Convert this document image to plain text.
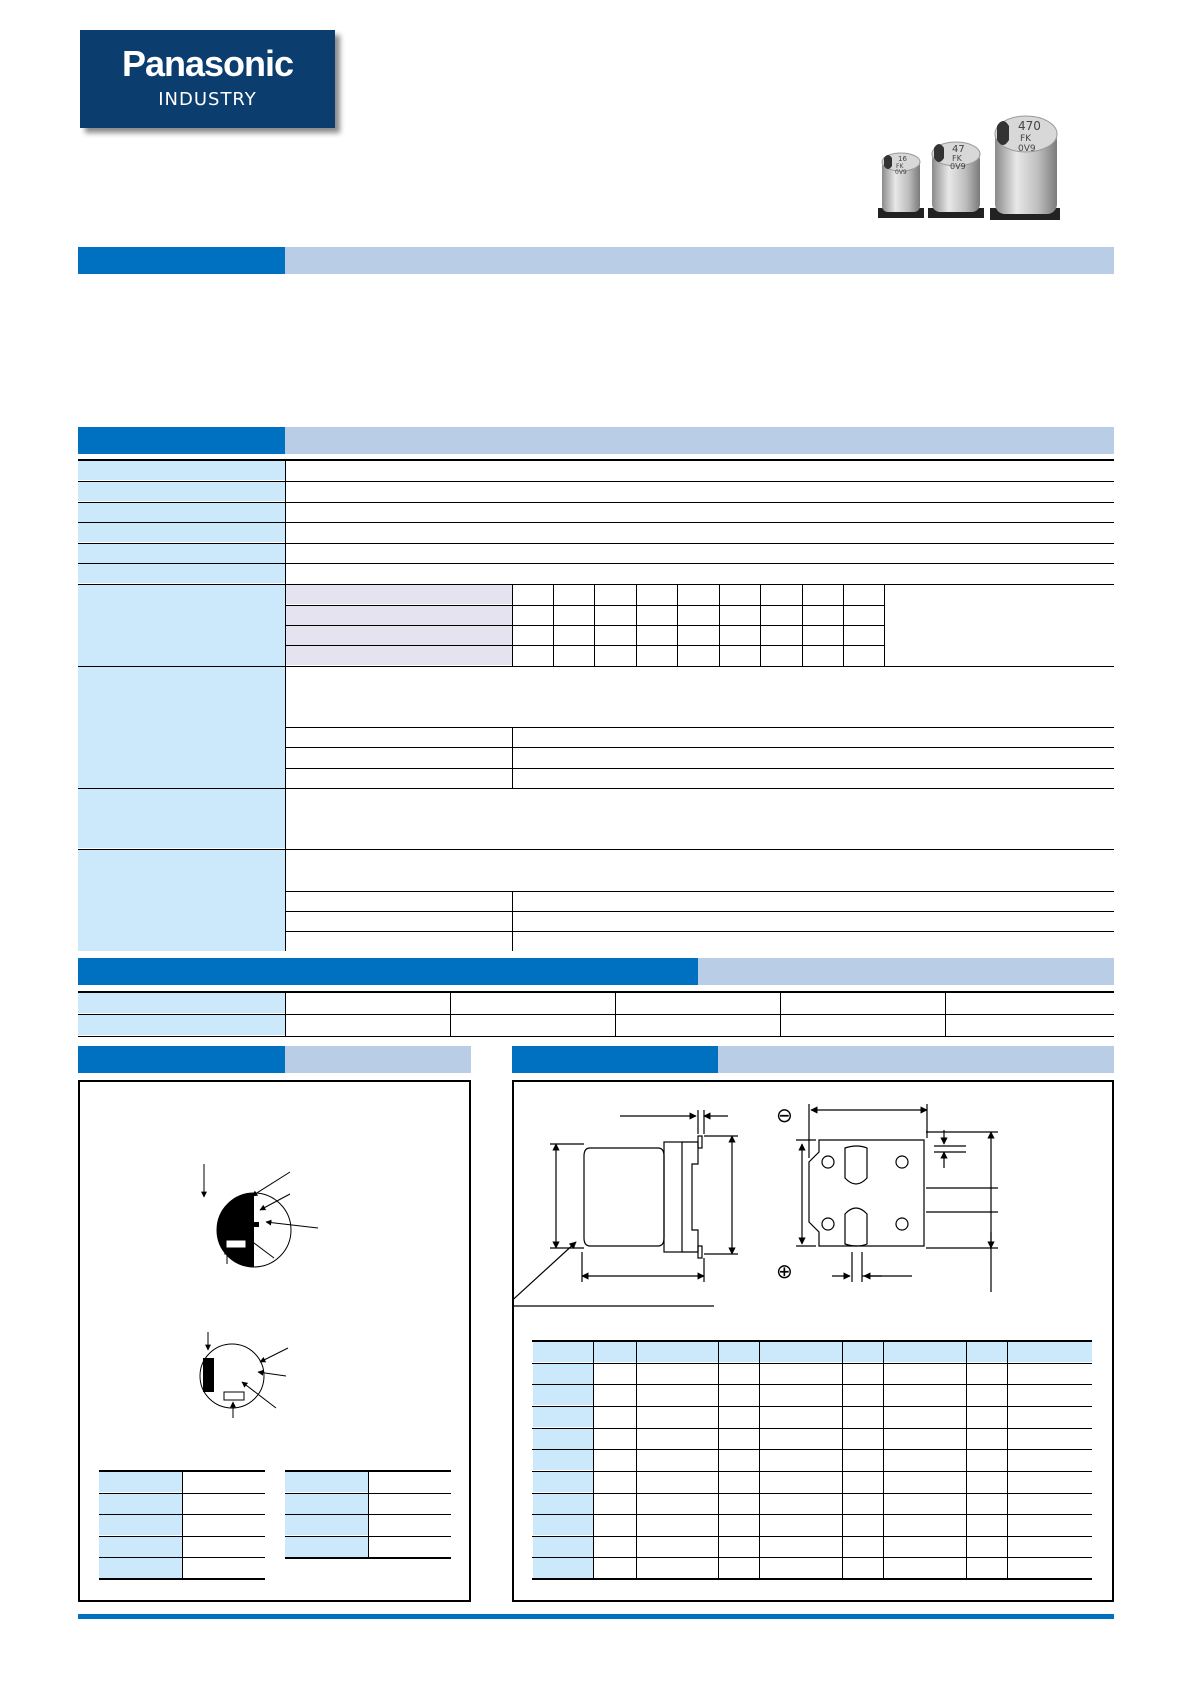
Panasonic
INDUSTRY
16
FK
0V9
47
FK
0V9
470
FK
0V9
⊖
⊕
